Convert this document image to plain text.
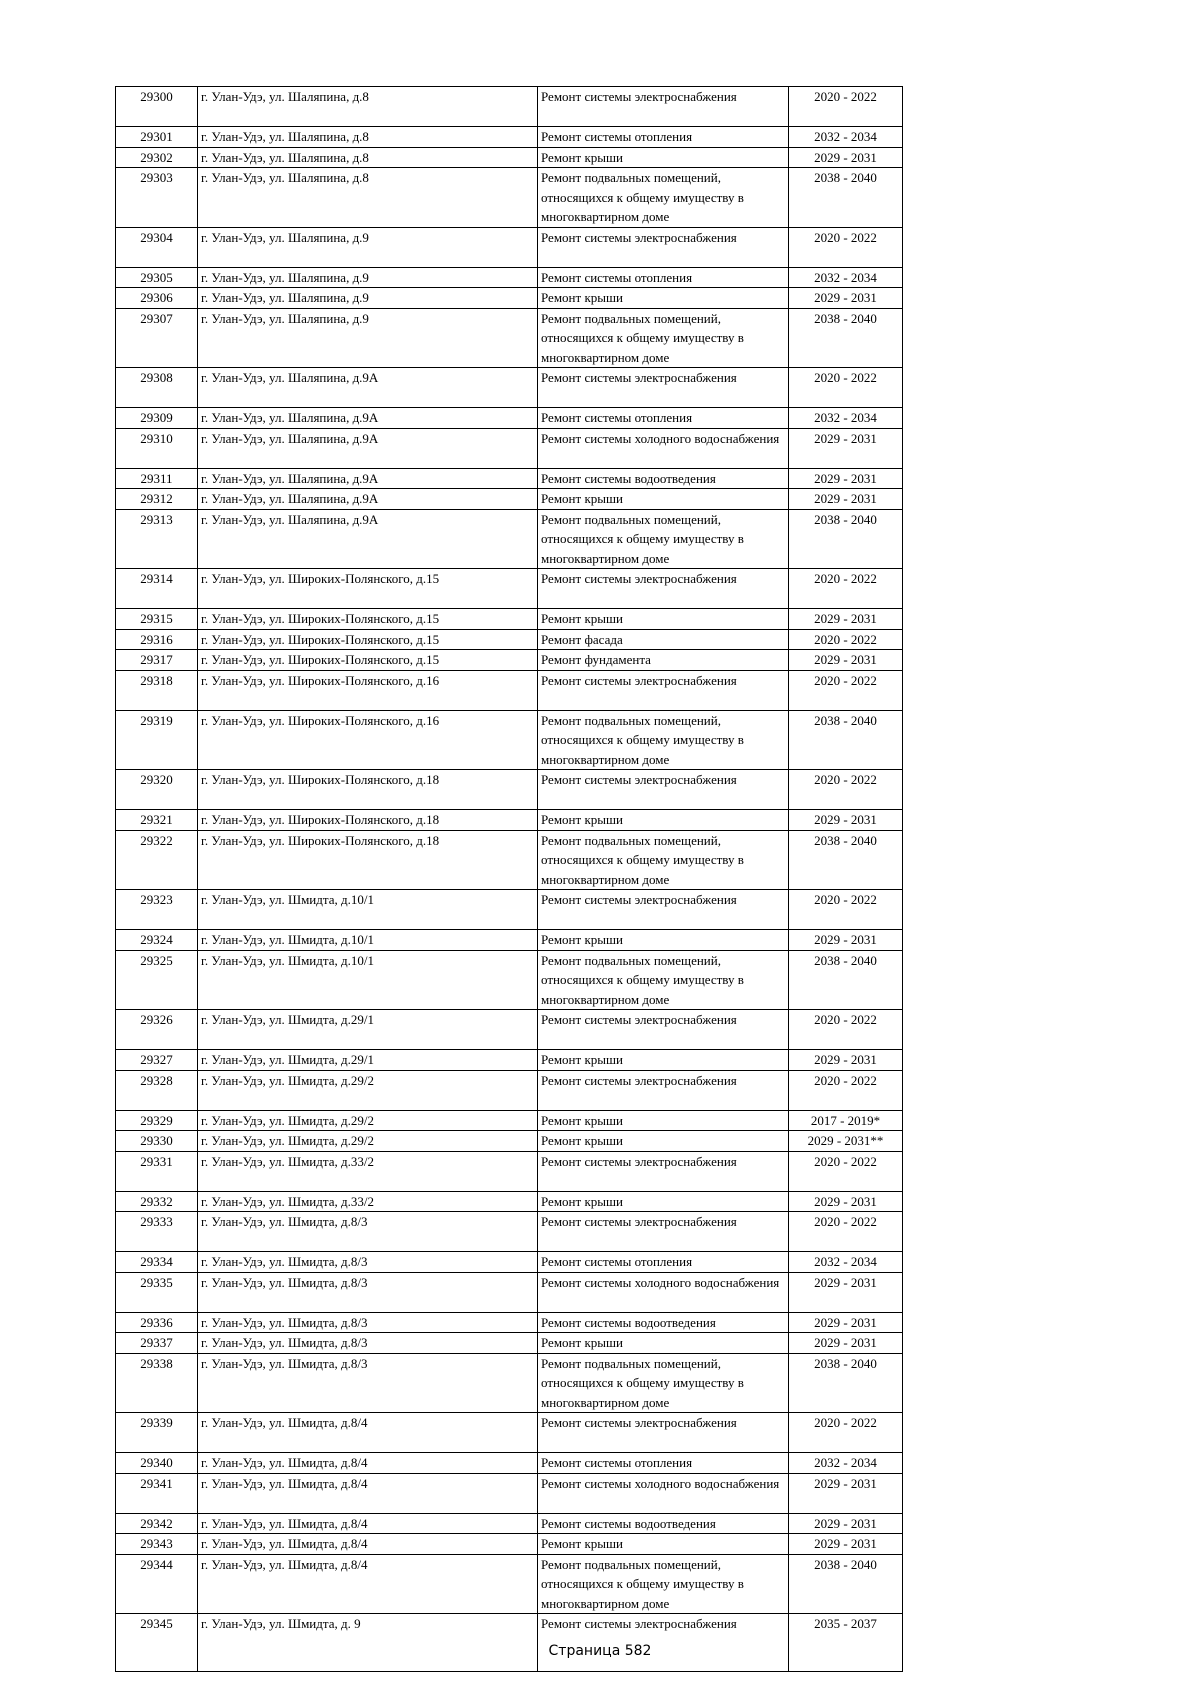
29300	г. Улан-Удэ, ул. Шаляпина, д.8	Ремонт системы электроснабжения	2020 - 2022
29301	г. Улан-Удэ, ул. Шаляпина, д.8	Ремонт системы отопления	2032 - 2034
29302	г. Улан-Удэ, ул. Шаляпина, д.8	Ремонт крыши	2029 - 2031
29303	г. Улан-Удэ, ул. Шаляпина, д.8	Ремонт подвальных помещений, относящихся к общему имуществу в многоквартирном доме	2038 - 2040
29304	г. Улан-Удэ, ул. Шаляпина, д.9	Ремонт системы электроснабжения	2020 - 2022
29305	г. Улан-Удэ, ул. Шаляпина, д.9	Ремонт системы отопления	2032 - 2034
29306	г. Улан-Удэ, ул. Шаляпина, д.9	Ремонт крыши	2029 - 2031
29307	г. Улан-Удэ, ул. Шаляпина, д.9	Ремонт подвальных помещений, относящихся к общему имуществу в многоквартирном доме	2038 - 2040
29308	г. Улан-Удэ, ул. Шаляпина, д.9А	Ремонт системы электроснабжения	2020 - 2022
29309	г. Улан-Удэ, ул. Шаляпина, д.9А	Ремонт системы отопления	2032 - 2034
29310	г. Улан-Удэ, ул. Шаляпина, д.9А	Ремонт системы холодного водоснабжения	2029 - 2031
29311	г. Улан-Удэ, ул. Шаляпина, д.9А	Ремонт системы водоотведения	2029 - 2031
29312	г. Улан-Удэ, ул. Шаляпина, д.9А	Ремонт крыши	2029 - 2031
29313	г. Улан-Удэ, ул. Шаляпина, д.9А	Ремонт подвальных помещений, относящихся к общему имуществу в многоквартирном доме	2038 - 2040
29314	г. Улан-Удэ, ул. Широких-Полянского, д.15	Ремонт системы электроснабжения	2020 - 2022
29315	г. Улан-Удэ, ул. Широких-Полянского, д.15	Ремонт крыши	2029 - 2031
29316	г. Улан-Удэ, ул. Широких-Полянского, д.15	Ремонт фасада	2020 - 2022
29317	г. Улан-Удэ, ул. Широких-Полянского, д.15	Ремонт фундамента	2029 - 2031
29318	г. Улан-Удэ, ул. Широких-Полянского, д.16	Ремонт системы электроснабжения	2020 - 2022
29319	г. Улан-Удэ, ул. Широких-Полянского, д.16	Ремонт подвальных помещений, относящихся к общему имуществу в многоквартирном доме	2038 - 2040
29320	г. Улан-Удэ, ул. Широких-Полянского, д.18	Ремонт системы электроснабжения	2020 - 2022
29321	г. Улан-Удэ, ул. Широких-Полянского, д.18	Ремонт крыши	2029 - 2031
29322	г. Улан-Удэ, ул. Широких-Полянского, д.18	Ремонт подвальных помещений, относящихся к общему имуществу в многоквартирном доме	2038 - 2040
29323	г. Улан-Удэ, ул. Шмидта, д.10/1	Ремонт системы электроснабжения	2020 - 2022
29324	г. Улан-Удэ, ул. Шмидта, д.10/1	Ремонт крыши	2029 - 2031
29325	г. Улан-Удэ, ул. Шмидта, д.10/1	Ремонт подвальных помещений, относящихся к общему имуществу в многоквартирном доме	2038 - 2040
29326	г. Улан-Удэ, ул. Шмидта, д.29/1	Ремонт системы электроснабжения	2020 - 2022
29327	г. Улан-Удэ, ул. Шмидта, д.29/1	Ремонт крыши	2029 - 2031
29328	г. Улан-Удэ, ул. Шмидта, д.29/2	Ремонт системы электроснабжения	2020 - 2022
29329	г. Улан-Удэ, ул. Шмидта, д.29/2	Ремонт крыши	2017 - 2019*
29330	г. Улан-Удэ, ул. Шмидта, д.29/2	Ремонт крыши	2029 - 2031**
29331	г. Улан-Удэ, ул. Шмидта, д.33/2	Ремонт системы электроснабжения	2020 - 2022
29332	г. Улан-Удэ, ул. Шмидта, д.33/2	Ремонт крыши	2029 - 2031
29333	г. Улан-Удэ, ул. Шмидта, д.8/3	Ремонт системы электроснабжения	2020 - 2022
29334	г. Улан-Удэ, ул. Шмидта, д.8/3	Ремонт системы отопления	2032 - 2034
29335	г. Улан-Удэ, ул. Шмидта, д.8/3	Ремонт системы холодного водоснабжения	2029 - 2031
29336	г. Улан-Удэ, ул. Шмидта, д.8/3	Ремонт системы водоотведения	2029 - 2031
29337	г. Улан-Удэ, ул. Шмидта, д.8/3	Ремонт крыши	2029 - 2031
29338	г. Улан-Удэ, ул. Шмидта, д.8/3	Ремонт подвальных помещений, относящихся к общему имуществу в многоквартирном доме	2038 - 2040
29339	г. Улан-Удэ, ул. Шмидта, д.8/4	Ремонт системы электроснабжения	2020 - 2022
29340	г. Улан-Удэ, ул. Шмидта, д.8/4	Ремонт системы отопления	2032 - 2034
29341	г. Улан-Удэ, ул. Шмидта, д.8/4	Ремонт системы холодного водоснабжения	2029 - 2031
29342	г. Улан-Удэ, ул. Шмидта, д.8/4	Ремонт системы водоотведения	2029 - 2031
29343	г. Улан-Удэ, ул. Шмидта, д.8/4	Ремонт крыши	2029 - 2031
29344	г. Улан-Удэ, ул. Шмидта, д.8/4	Ремонт подвальных помещений, относящихся к общему имуществу в многоквартирном доме	2038 - 2040
29345	г. Улан-Удэ, ул. Шмидта, д. 9	Ремонт системы электроснабжения	2035 - 2037
Страница 582
